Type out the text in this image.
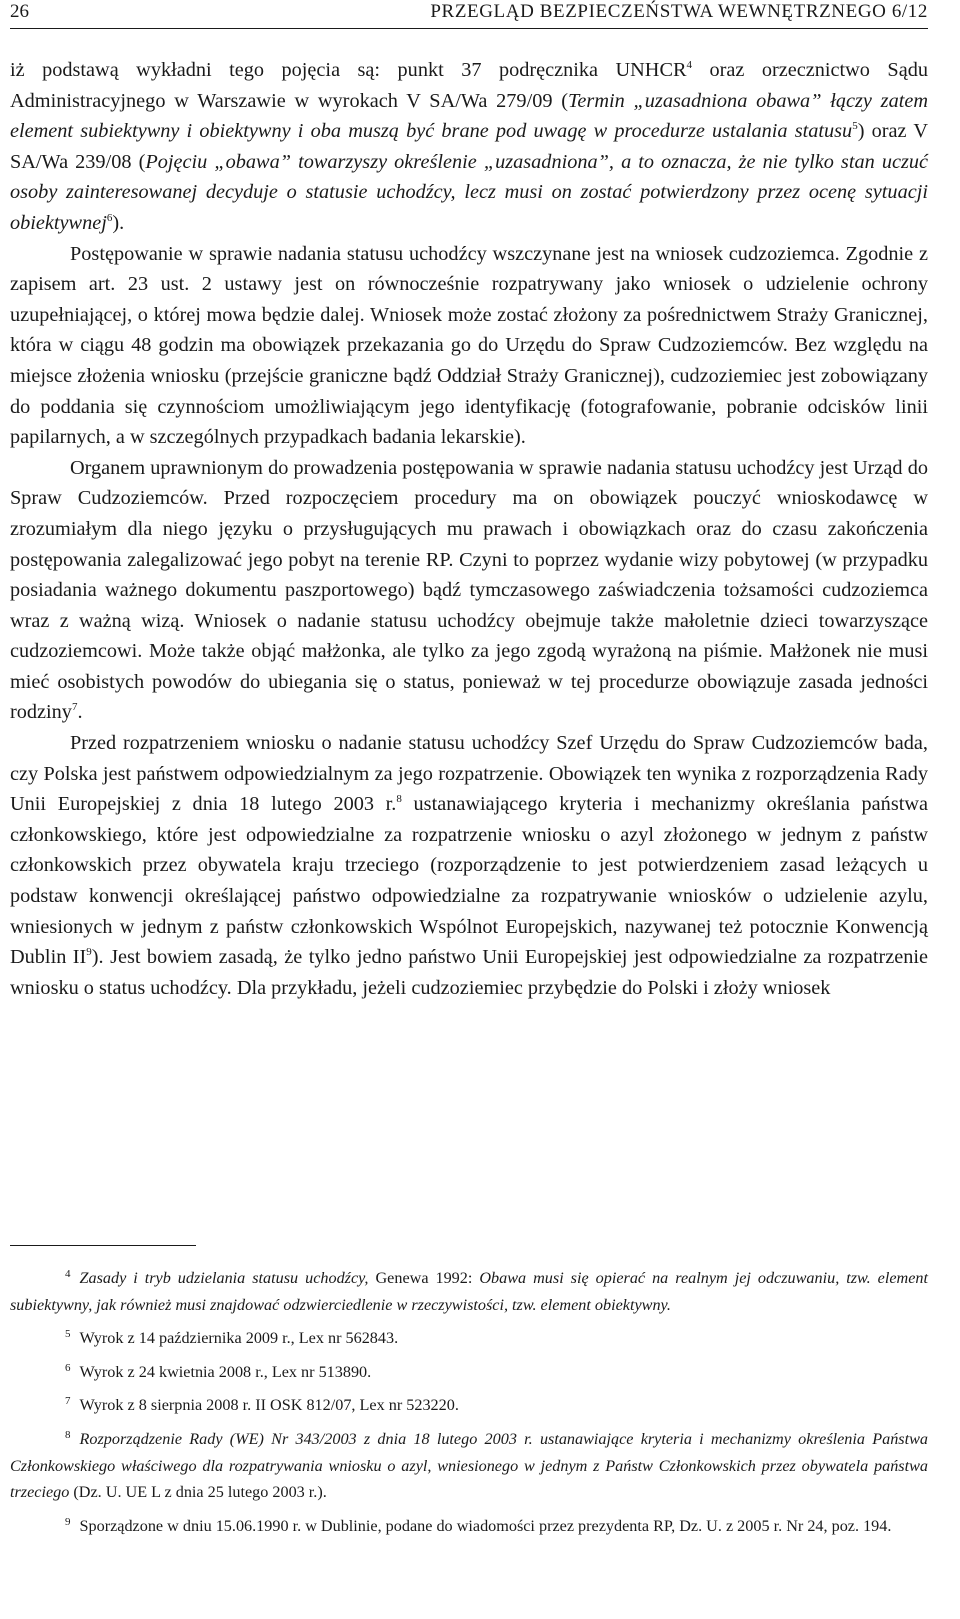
26	PRZEGLĄD BEZPIECZEŃSTWA WEWNĘTRZNEGO 6/12

iż podstawą wykładni tego pojęcia są: punkt 37 podręcznika UNHCR$^4$ oraz orzecznictwo Sądu Administracyjnego w Warszawie w wyrokach V SA/Wa 279/09 (Termin „uzasadniona obawa” łączy zatem element subiektywny i obiektywny i oba muszą być brane pod uwagę w procedurze ustalania statusu$^5$) oraz V SA/Wa 239/08 (Pojęciu „obawa” towarzyszy określenie „uzasadniona”, a to oznacza, że nie tylko stan uczuć osoby zainteresowanej decyduje o statusie uchodźcy, lecz musi on zostać potwierdzony przez ocenę sytuacji obiektywnej$^6$).

Postępowanie w sprawie nadania statusu uchodźcy wszczynane jest na wniosek cudzoziemca. Zgodnie z zapisem art. 23 ust. 2 ustawy jest on równocześnie rozpatrywany jako wniosek o udzielenie ochrony uzupełniającej, o której mowa będzie dalej. Wniosek może zostać złożony za pośrednictwem Straży Granicznej, która w ciągu 48 godzin ma obowiązek przekazania go do Urzędu do Spraw Cudzoziemców. Bez względu na miejsce złożenia wniosku (przejście graniczne bądź Oddział Straży Granicznej), cudzoziemiec jest zobowiązany do poddania się czynnościom umożliwiającym jego identyfikację (fotografowanie, pobranie odcisków linii papilarnych, a w szczególnych przypadkach badania lekarskie).

Organem uprawnionym do prowadzenia postępowania w sprawie nadania statusu uchodźcy jest Urząd do Spraw Cudzoziemców. Przed rozpoczęciem procedury ma on obowiązek pouczyć wnioskodawcę w zrozumiałym dla niego języku o przysługujących mu prawach i obowiązkach oraz do czasu zakończenia postępowania zalegalizować jego pobyt na terenie RP. Czyni to poprzez wydanie wizy pobytowej (w przypadku posiadania ważnego dokumentu paszportowego) bądź tymczasowego zaświadczenia tożsamości cudzoziemca wraz z ważną wizą. Wniosek o nadanie statusu uchodźcy obejmuje także małoletnie dzieci towarzyszące cudzoziemcowi. Może także objąć małżonka, ale tylko za jego zgodą wyrażoną na piśmie. Małżonek nie musi mieć osobistych powodów do ubiegania się o status, ponieważ w tej procedurze obowiązuje zasada jedności rodziny$^7$.

Przed rozpatrzeniem wniosku o nadanie statusu uchodźcy Szef Urzędu do Spraw Cudzoziemców bada, czy Polska jest państwem odpowiedzialnym za jego rozpatrzenie. Obowiązek ten wynika z rozporządzenia Rady Unii Europejskiej z dnia 18 lutego 2003 r.$^8$ ustanawiającego kryteria i mechanizmy określania państwa członkowskiego, które jest odpowiedzialne za rozpatrzenie wniosku o azyl złożonego w jednym z państw członkowskich przez obywatela kraju trzeciego (rozporządzenie to jest potwierdzeniem zasad leżących u podstaw konwencji określającej państwo odpowiedzialne za rozpatrywanie wniosków o udzielenie azylu, wniesionych w jednym z państw członkowskich Wspólnot Europejskich, nazywanej też potocznie Konwencją Dublin $II^9$). Jest bowiem zasadą, że tylko jedno państwo Unii Europejskiej jest odpowiedzialne za rozpatrzenie wniosku o status uchodźcy. Dla przykładu, jeżeli cudzoziemiec przybędzie do Polski i złoży wniosek

$^4$ Zasady i tryb udzielania statusu uchodźcy, Genewa 1992: Obawa musi się opierać na realnym jej odczuwaniu, tzw. element subiektywny, jak również musi znajdować odzwierciedlenie w rzeczywistości, tzw. element obiektywny.

$^5$ Wyrok z 14 października 2009 r., Lex nr 562843.

$^6$ Wyrok z 24 kwietnia 2008 r., Lex nr 513890.

$^7$ Wyrok z 8 sierpnia 2008 r. II OSK 812/07, Lex nr 523220.

$^8$ Rozporządzenie Rady (WE) Nr 343/2003 z dnia 18 lutego 2003 r. ustanawiające kryteria i mechanizmy określenia Państwa Członkowskiego właściwego dla rozpatrywania wniosku o azyl, wniesionego w jednym z Państw Członkowskich przez obywatela państwa trzeciego (Dz. U. UE L z dnia 25 lutego 2003 r.).

$^9$ Sporządzone w dniu 15.06.1990 r. w Dublinie, podane do wiadomości przez prezydenta RP, Dz. U. z 2005 r. Nr 24, poz. 194.
